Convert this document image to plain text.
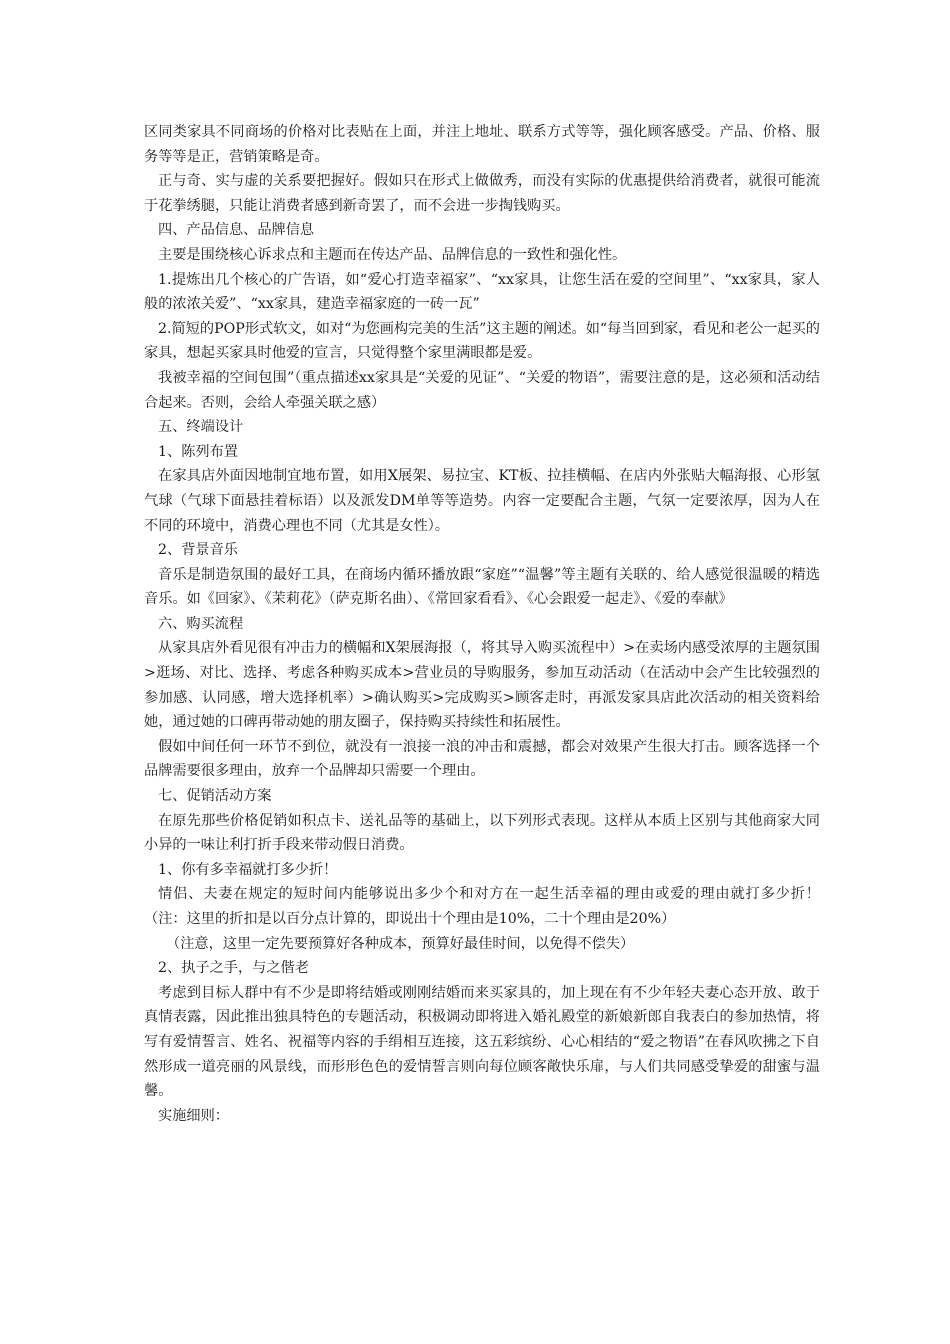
区同类家具不同商场的价格对比表贴在上面，并注上地址、联系方式等等，强化顾客感受。产品、价格、服务等等是正，营销策略是奇。

正与奇、实与虚的关系要把握好。假如只在形式上做做秀，而没有实际的优惠提供给消费者，就很可能流于花拳绣腿，只能让消费者感到新奇罢了，而不会进一步掏钱购买。

四、产品信息、品牌信息

主要是围绕核心诉求点和主题而在传达产品、品牌信息的一致性和强化性。

1.提炼出几个核心的广告语，如“爱心打造幸福家”、“xx家具，让您生活在爱的空间里”、“xx家具，家人般的浓浓关爱”、“xx家具，建造幸福家庭的一砖一瓦”

2.简短的POP形式软文，如对“为您画构完美的生活”这主题的阐述。如“每当回到家，看见和老公一起买的家具，想起买家具时他爱的宣言，只觉得整个家里满眼都是爱。

我被幸福的空间包围”（重点描述xx家具是“关爱的见证”、“关爱的物语”，需要注意的是，这必须和活动结合起来。否则，会给人牵强关联之感）

五、终端设计

1、陈列布置

在家具店外面因地制宜地布置，如用X展架、易拉宝、KT板、拉挂横幅、在店内外张贴大幅海报、心形氢气球（气球下面悬挂着标语）以及派发DM单等等造势。内容一定要配合主题，气氛一定要浓厚，因为人在不同的环境中，消费心理也不同（尤其是女性）。

2、背景音乐

音乐是制造氛围的最好工具，在商场内循环播放跟“家庭”“温馨”等主题有关联的、给人感觉很温暖的精选音乐。如《回家》、《茉莉花》（萨克斯名曲）、《常回家看看》、《心会跟爱一起走》、《爱的奉献》

六、购买流程

从家具店外看见很有冲击力的横幅和X架展海报（，将其导入购买流程中）>在卖场内感受浓厚的主题氛围>逛场、对比、选择、考虑各种购买成本>营业员的导购服务，参加互动活动（在活动中会产生比较强烈的参加感、认同感，增大选择机率）>确认购买>完成购买>顾客走时，再派发家具店此次活动的相关资料给她，通过她的口碑再带动她的朋友圈子，保持购买持续性和拓展性。

假如中间任何一环节不到位，就没有一浪接一浪的冲击和震撼，都会对效果产生很大打击。顾客选择一个品牌需要很多理由，放弃一个品牌却只需要一个理由。

七、促销活动方案

在原先那些价格促销如积点卡、送礼品等的基础上，以下列形式表现。这样从本质上区别与其他商家大同小异的一味让利打折手段来带动假日消费。

1、你有多幸福就打多少折！

情侣、夫妻在规定的短时间内能够说出多少个和对方在一起生活幸福的理由或爱的理由就打多少折！（注：这里的折扣是以百分点计算的，即说出十个理由是10%，二十个理由是20%）

（注意，这里一定先要预算好各种成本，预算好最佳时间，以免得不偿失）

2、执子之手，与之偕老

考虑到目标人群中有不少是即将结婚或刚刚结婚而来买家具的，加上现在有不少年轻夫妻心态开放、敢于真情表露，因此推出独具特色的专题活动，积极调动即将进入婚礼殿堂的新娘新郎自我表白的参加热情，将写有爱情誓言、姓名、祝福等内容的手绢相互连接，这五彩缤纷、心心相结的“爱之物语”在春风吹拂之下自然形成一道亮丽的风景线，而形形色色的爱情誓言则向每位顾客敞快乐扉，与人们共同感受挚爱的甜蜜与温馨。

实施细则：
